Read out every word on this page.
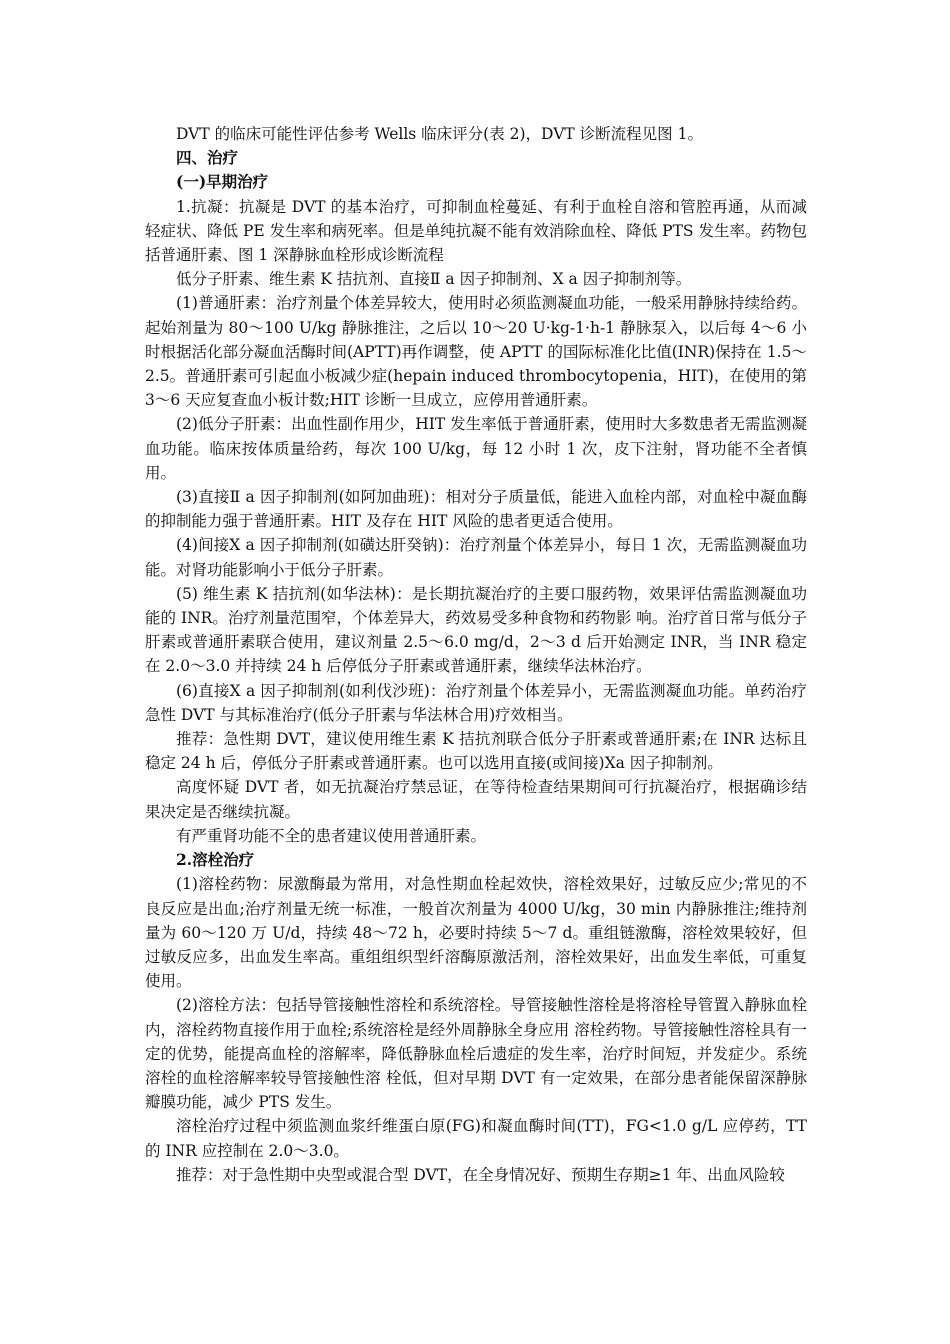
DVT 的临床可能性评估参考 Wells 临床评分(表 2)，DVT 诊断流程见图 1。

四、治疗

(一)早期治疗

1.抗凝：抗凝是 DVT 的基本治疗，可抑制血栓蔓延、有利于血栓自溶和管腔再通，从而减轻症状、降低 PE 发生率和病死率。但是单纯抗凝不能有效消除血栓、降低 PTS 发生率。药物包括普通肝素、图 1 深静脉血栓形成诊断流程

低分子肝素、维生素 K 拮抗剂、直接Ⅱ a 因子抑制剂、Ⅹ a 因子抑制剂等。

(1)普通肝素：治疗剂量个体差异较大，使用时必须监测凝血功能，一般采用静脉持续给药。起始剂量为 80～100 U/kg 静脉推注，之后以 10～20 U·kg-1·h-1 静脉泵入，以后每 4～6 小时根据活化部分凝血活酶时间(APTT)再作调整，使 APTT 的国际标准化比值(INR)保持在 1.5～2.5。普通肝素可引起血小板减少症(hepain induced thrombocytopenia，HIT)，在使用的第 3～6 天应复查血小板计数;HIT 诊断一旦成立，应停用普通肝素。

(2)低分子肝素：出血性副作用少，HIT 发生率低于普通肝素，使用时大多数患者无需监测凝血功能。临床按体质量给药，每次 100 U/kg，每 12 小时 1 次，皮下注射，肾功能不全者慎用。

(3)直接Ⅱ a 因子抑制剂(如阿加曲班)：相对分子质量低，能进入血栓内部，对血栓中凝血酶的抑制能力强于普通肝素。HIT 及存在 HIT 风险的患者更适合使用。

(4)间接Ⅹ a 因子抑制剂(如磺达肝癸钠)：治疗剂量个体差异小，每日 1 次，无需监测凝血功能。对肾功能影响小于低分子肝素。

(5) 维生素 K 拮抗剂(如华法林)：是长期抗凝治疗的主要口服药物，效果评估需监测凝血功能的 INR。治疗剂量范围窄，个体差异大，药效易受多种食物和药物影 响。治疗首日常与低分子肝素或普通肝素联合使用，建议剂量 2.5～6.0 mg/d，2～3 d 后开始测定 INR，当 INR 稳定在 2.0～3.0 并持续 24 h 后停低分子肝素或普通肝素，继续华法林治疗。

(6)直接Ⅹ a 因子抑制剂(如利伐沙班)：治疗剂量个体差异小，无需监测凝血功能。单药治疗急性 DVT 与其标准治疗(低分子肝素与华法林合用)疗效相当。

推荐：急性期 DVT，建议使用维生素 K 拮抗剂联合低分子肝素或普通肝素;在 INR 达标且稳定 24 h 后，停低分子肝素或普通肝素。也可以选用直接(或间接)Ⅹa 因子抑制剂。

高度怀疑 DVT 者，如无抗凝治疗禁忌证，在等待检查结果期间可行抗凝治疗，根据确诊结果决定是否继续抗凝。

有严重肾功能不全的患者建议使用普通肝素。

2.溶栓治疗

(1)溶栓药物：尿激酶最为常用，对急性期血栓起效快，溶栓效果好，过敏反应少;常见的不良反应是出血;治疗剂量无统一标准，一般首次剂量为 4000 U/kg，30 min 内静脉推注;维持剂量为 60～120 万 U/d，持续 48～72 h，必要时持续 5～7 d。重组链激酶，溶栓效果较好，但过敏反应多，出血发生率高。重组组织型纤溶酶原激活剂，溶栓效果好，出血发生率低，可重复使用。

(2)溶栓方法：包括导管接触性溶栓和系统溶栓。导管接触性溶栓是将溶栓导管置入静脉血栓内，溶栓药物直接作用于血栓;系统溶栓是经外周静脉全身应用 溶栓药物。导管接触性溶栓具有一定的优势，能提高血栓的溶解率，降低静脉血栓后遗症的发生率，治疗时间短，并发症少。系统溶栓的血栓溶解率较导管接触性溶 栓低，但对早期 DVT 有一定效果，在部分患者能保留深静脉瓣膜功能，减少 PTS 发生。

溶栓治疗过程中须监测血浆纤维蛋白原(FG)和凝血酶时间(TT)，FG<1.0 g/L 应停药，TT 的 INR 应控制在 2.0～3.0。

推荐：对于急性期中央型或混合型 DVT，在全身情况好、预期生存期≥1 年、出血风险较
